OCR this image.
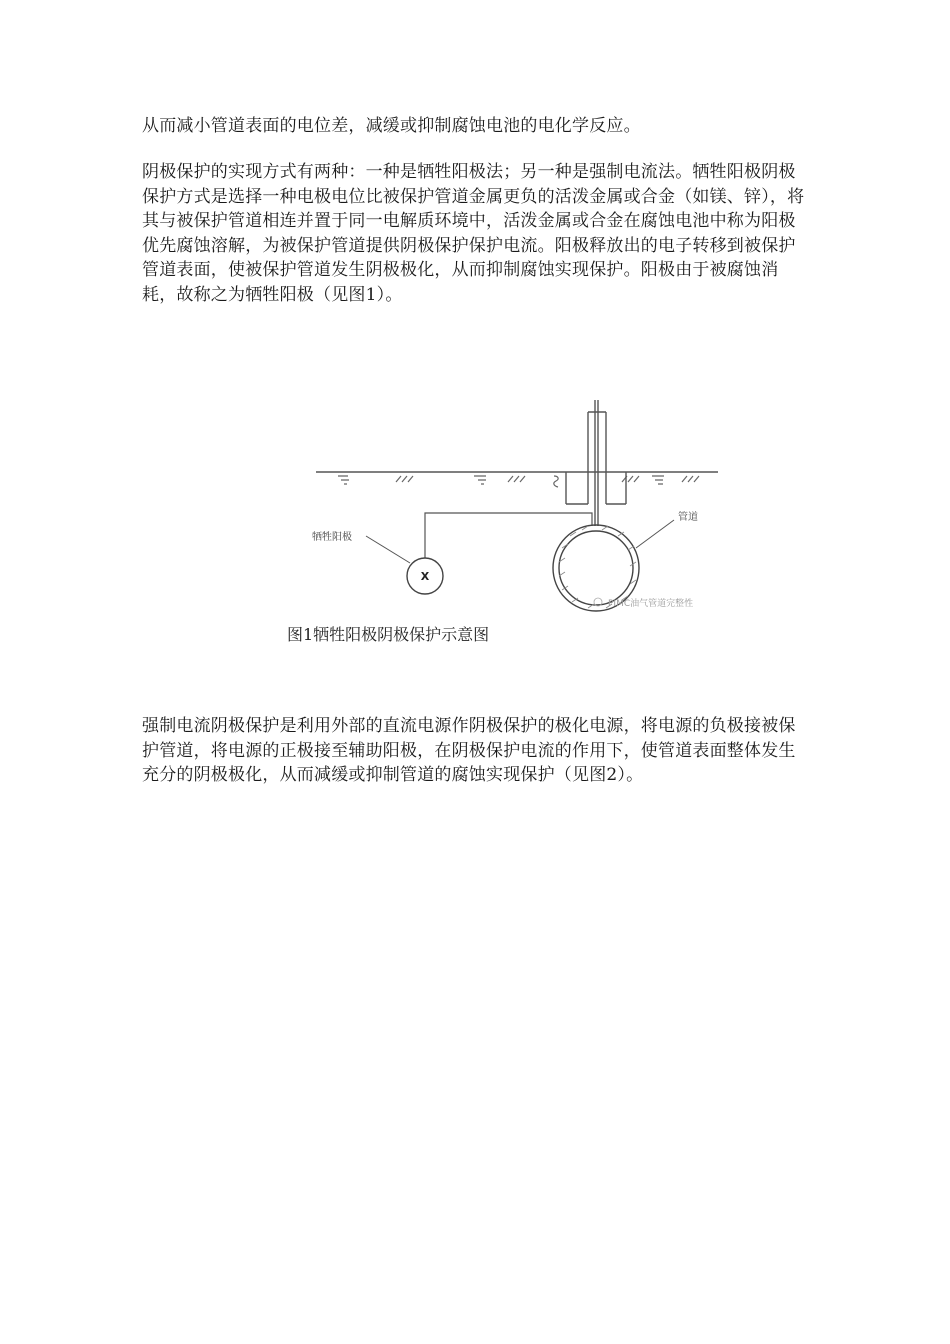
从而减小管道表面的电位差，减缓或抑制腐蚀电池的电化学反应。

阴极保护的实现方式有两种：一种是牺牲阳极法；另一种是强制电流法。牺牲阳极阴极保护方式是选择一种电极电位比被保护管道金属更负的活泼金属或合金（如镁、锌），将其与被保护管道相连并置于同一电解质环境中，活泼金属或合金在腐蚀电池中称为阳极优先腐蚀溶解，为被保护管道提供阴极保护保护电流。阳极释放出的电子转移到被保护管道表面，使被保护管道发生阴极极化，从而抑制腐蚀实现保护。阳极由于被腐蚀消耗，故称之为牺牲阳极（见图1）。

X
牺牲阳极
管道
PIMC油气管道完整性
图1牺牲阳极阴极保护示意图

强制电流阴极保护是利用外部的直流电源作阴极保护的极化电源，将电源的负极接被保护管道，将电源的正极接至辅助阳极，在阴极保护电流的作用下，使管道表面整体发生充分的阴极极化，从而减缓或抑制管道的腐蚀实现保护（见图2）。
